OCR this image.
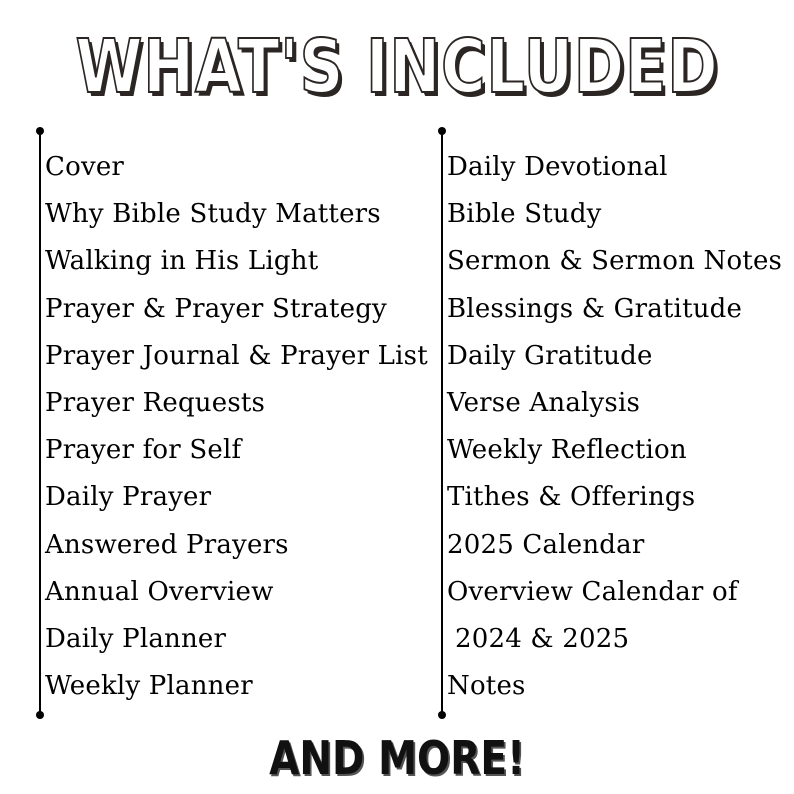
WHAT'S INCLUDED
Cover
Why Bible Study Matters
Walking in His Light
Prayer & Prayer Strategy
Prayer Journal & Prayer List
Prayer Requests
Prayer for Self
Daily Prayer
Answered Prayers
Annual Overview
Daily Planner
Weekly Planner
Daily Devotional
Bible Study
Sermon & Sermon Notes
Blessings & Gratitude
Daily Gratitude
Verse Analysis
Weekly Reflection
Tithes & Offerings
2025 Calendar
Overview Calendar of
2024 & 2025
Notes
AND MORE!
